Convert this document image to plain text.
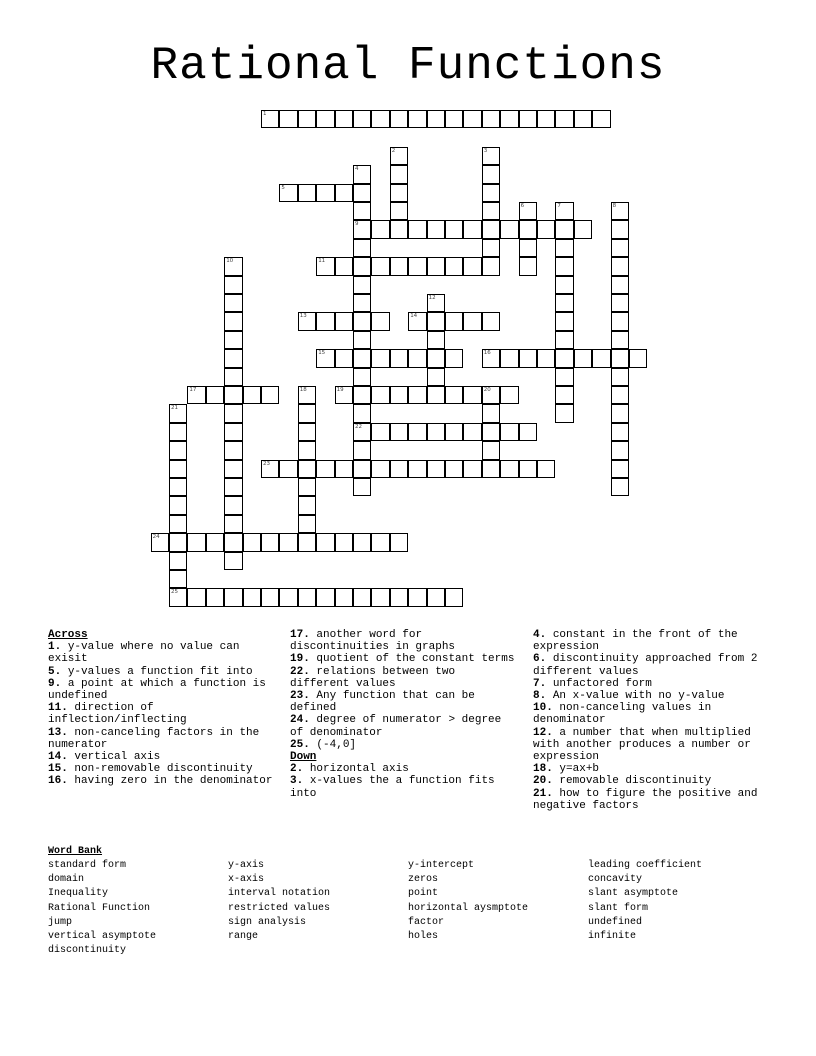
Rational Functions
1
2	3
4
9
22
5
6	7	8
10	11
12
13	14
15	16
17	18	19	20
21
25
23
24

Across

1. y-value where no value can exisit

5. y-values a function fit into

9. a point at which a function is undefined

11. direction of inflection/inflecting

13. non-canceling factors in the numerator

14. vertical axis

15. non-removable discontinuity

16. having zero in the denominator

17. another word for discontinuities in graphs

19. quotient of the constant terms

22. relations between two different values

23. Any function that can be defined

24. degree of numerator > degree of denominator

25. (-4,0]

Down

2. horizontal axis

3. x-values the a function fits into

4. constant in the front of the expression

6. discontinuity approached from 2 different values

7. unfactored form

8. An x-value with no y-value

10. non-canceling values in denominator

12. a number that when multiplied with another produces a number or expression

18. y=ax+b

20. removable discontinuity

21. how to figure the positive and negative factors

Word Bank

standard form

domain

Inequality

Rational Function

jump

vertical asymptote

discontinuity

y-axis

x-axis

interval notation

restricted values

sign analysis

range

y-intercept

zeros

point

horizontal aysmptote

factor

holes

leading coefficient

concavity

slant asymptote

slant form

undefined

infinite
